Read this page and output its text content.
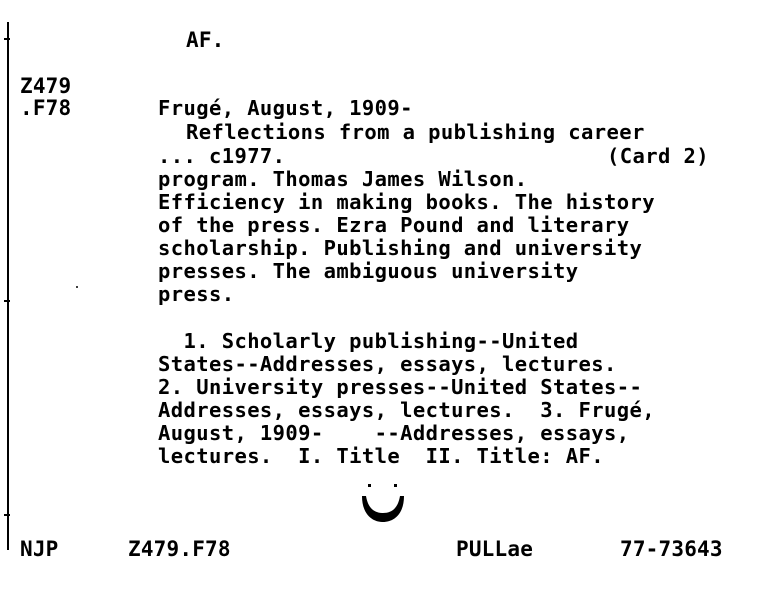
AF.
Z479
.F78	Frugé, August, 1909-
Reflections from a publishing career
... c1977.	(Card 2)
program. Thomas James Wilson.
Efficiency in making books. The history
of the press. Ezra Pound and literary
scholarship. Publishing and university
presses. The ambiguous university
press.
1. Scholarly publishing--United
States--Addresses, essays, lectures.
2. University presses--United States--
Addresses, essays, lectures.  3. Frugé,
August, 1909-    --Addresses, essays,
lectures.  I. Title  II. Title: AF.
NJP	Z479.F78	PULLae	77-73643
